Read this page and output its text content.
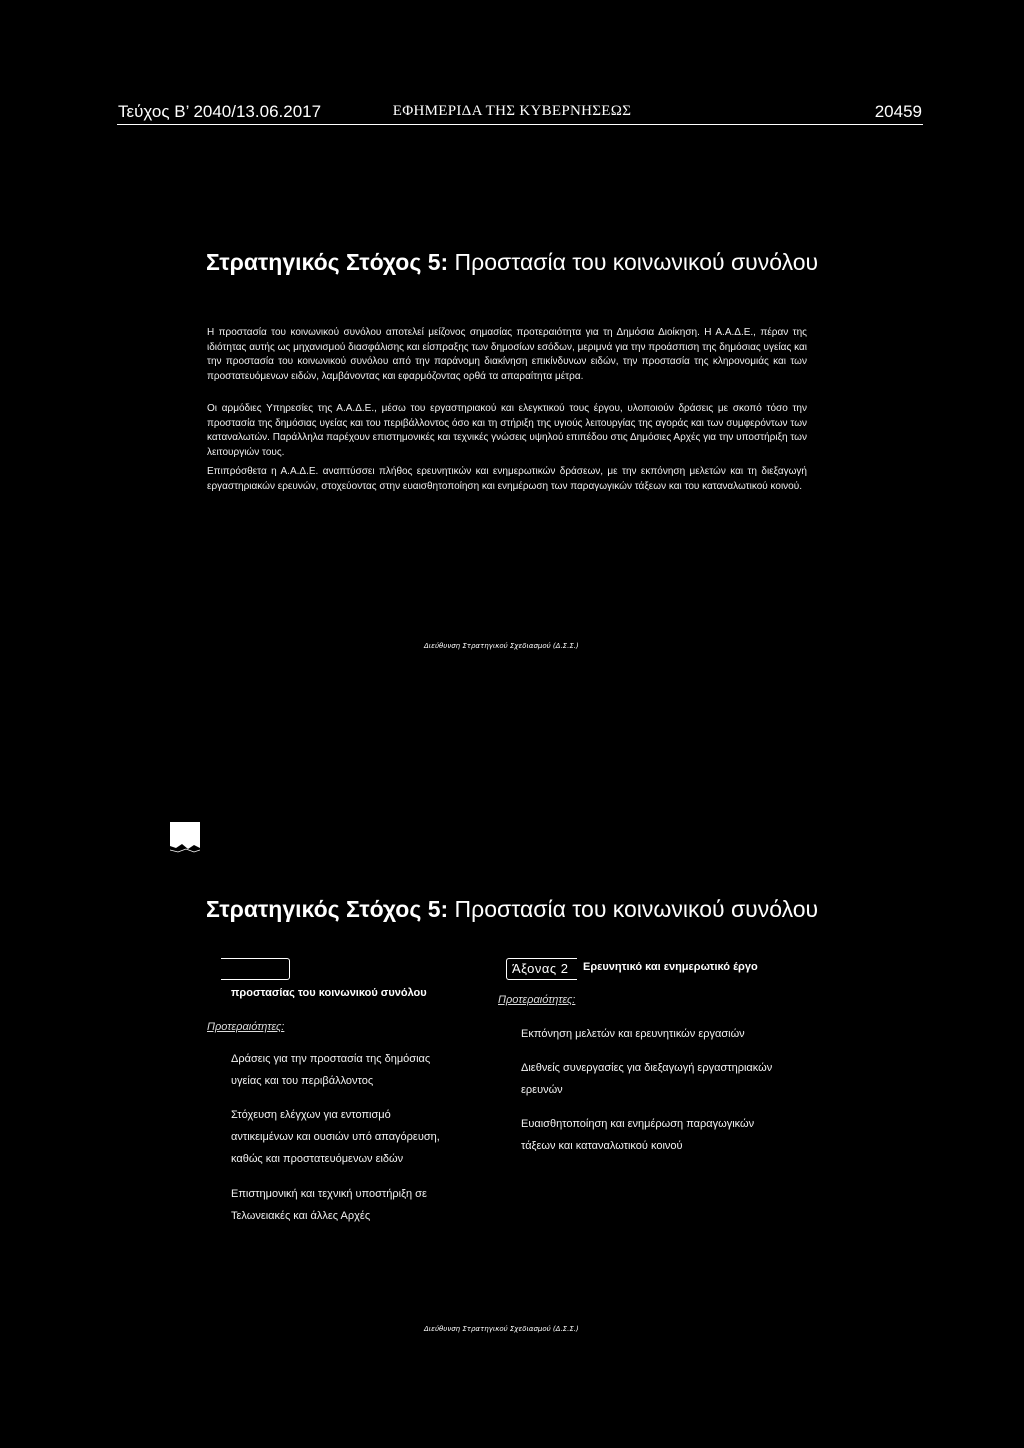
Τεύχος Β’ 2040/13.06.2017	ΕΦΗΜΕΡΙΔΑ ΤΗΣ ΚΥΒΕΡΝΗΣΕΩΣ	20459
Στρατηγικός Στόχος 5: Προστασία του κοινωνικού συνόλου

Η προστασία του κοινωνικού συνόλου αποτελεί μείζονος σημασίας προτεραιότητα για τη Δημόσια Διοίκηση. Η Α.Α.Δ.Ε., πέραν της ιδιότητας αυτής ως μηχανισμού διασφάλισης και είσπραξης των δημοσίων εσόδων, μεριμνά για την προάσπιση της δημόσιας υγείας και την προστασία του κοινωνικού συνόλου από την παράνομη διακίνηση επικίνδυνων ειδών, την προστασία της κληρονομιάς και των προστατευόμενων ειδών, λαμβάνοντας και εφαρμόζοντας ορθά τα απαραίτητα μέτρα.

Οι αρμόδιες Υπηρεσίες της Α.Α.Δ.Ε., μέσω του εργαστηριακού και ελεγκτικού τους έργου, υλοποιούν δράσεις με σκοπό τόσο την προστασία της δημόσιας υγείας και του περιβάλλοντος όσο και τη στήριξη της υγιούς λειτουργίας της αγοράς και των συμφερόντων των καταναλωτών. Παράλληλα παρέχουν επιστημονικές και τεχνικές γνώσεις υψηλού επιπέδου στις Δημόσιες Αρχές για την υποστήριξη των λειτουργιών τους.

Επιπρόσθετα η Α.Α.Δ.Ε. αναπτύσσει πλήθος ερευνητικών και ενημερωτικών δράσεων, με την εκπόνηση μελετών και τη διεξαγωγή εργαστηριακών ερευνών, στοχεύοντας στην ευαισθητοποίηση και ενημέρωση των παραγωγικών τάξεων και του καταναλωτικού κοινού.

Διεύθυνση Στρατηγικού Σχεδιασμού (Δ.Σ.Σ.)
Στρατηγικός Στόχος 5: Προστασία του κοινωνικού συνόλου
προστασίας του κοινωνικού συνόλου
Άξονας 2 Ερευνητικό και ενημερωτικό έργο
Προτεραιότητες:
Προτεραιότητες:
Δράσεις για την προστασία της δημόσιας
υγείας και του περιβάλλοντος
Στόχευση ελέγχων για εντοπισμό
αντικειμένων και ουσιών υπό απαγόρευση,
καθώς και προστατευόμενων ειδών
Επιστημονική και τεχνική υποστήριξη σε
Τελωνειακές και άλλες Αρχές
Εκπόνηση μελετών και ερευνητικών εργασιών
Διεθνείς συνεργασίες για διεξαγωγή εργαστηριακών
ερευνών
Ευαισθητοποίηση και ενημέρωση παραγωγικών
τάξεων και καταναλωτικού κοινού
Διεύθυνση Στρατηγικού Σχεδιασμού (Δ.Σ.Σ.)
